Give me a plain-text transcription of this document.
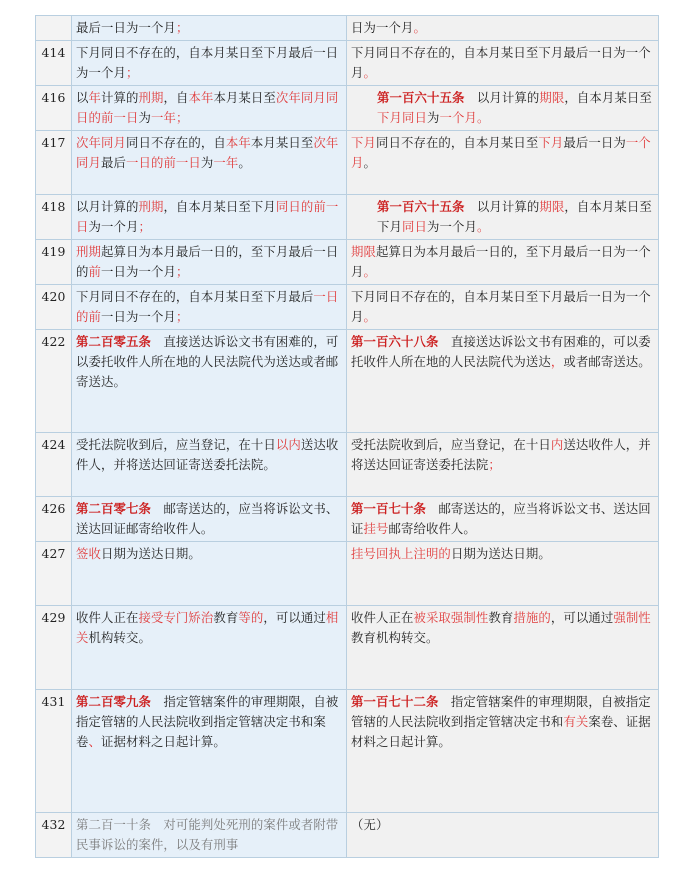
	最后一日为一个月；	日为一个月。
414	下月同日不存在的，自本月某日至下月最后一日为一个月；	下月同日不存在的，自本月某日至下月最后一日为一个月。
416	以年计算的刑期，自本年本月某日至次年同月同日的前一日为一年；	第一百六十五条　以月计算的期限，自本月某日至下月同日为一个月。
417	次年同月同日不存在的，自本年本月某日至次年同月最后一日的前一日为一年。	下月同日不存在的，自本月某日至下月最后一日为一个月。
418	以月计算的刑期，自本月某日至下月同日的前一日为一个月；	第一百六十五条　以月计算的期限，自本月某日至下月同日为一个月。
419	刑期起算日为本月最后一日的，至下月最后一日的前一日为一个月；	期限起算日为本月最后一日的，至下月最后一日为一个月。
420	下月同日不存在的，自本月某日至下月最后一日的前一日为一个月；	下月同日不存在的，自本月某日至下月最后一日为一个月。
422	第二百零五条　直接送达诉讼文书有困难的，可以委托收件人所在地的人民法院代为送达或者邮寄送达。	第一百六十八条　直接送达诉讼文书有困难的，可以委托收件人所在地的人民法院代为送达，或者邮寄送达。
424	受托法院收到后，应当登记，在十日以内送达收件人，并将送达回证寄送委托法院。	受托法院收到后，应当登记，在十日内送达收件人，并将送达回证寄送委托法院；
426	第二百零七条　邮寄送达的，应当将诉讼文书、送达回证邮寄给收件人。	第一百七十条　邮寄送达的，应当将诉讼文书、送达回证挂号邮寄给收件人。
427	签收日期为送达日期。	挂号回执上注明的日期为送达日期。
429	收件人正在接受专门矫治教育等的，可以通过相关机构转交。	收件人正在被采取强制性教育措施的，可以通过强制性教育机构转交。
431	第二百零九条　指定管辖案件的审理期限，自被指定管辖的人民法院收到指定管辖决定书和案卷、证据材料之日起计算。	第一百七十二条　指定管辖案件的审理期限，自被指定管辖的人民法院收到指定管辖决定书和有关案卷、证据材料之日起计算。
432	第二百一十条　对可能判处死刑的案件或者附带民事诉讼的案件，以及有刑事	（无）
